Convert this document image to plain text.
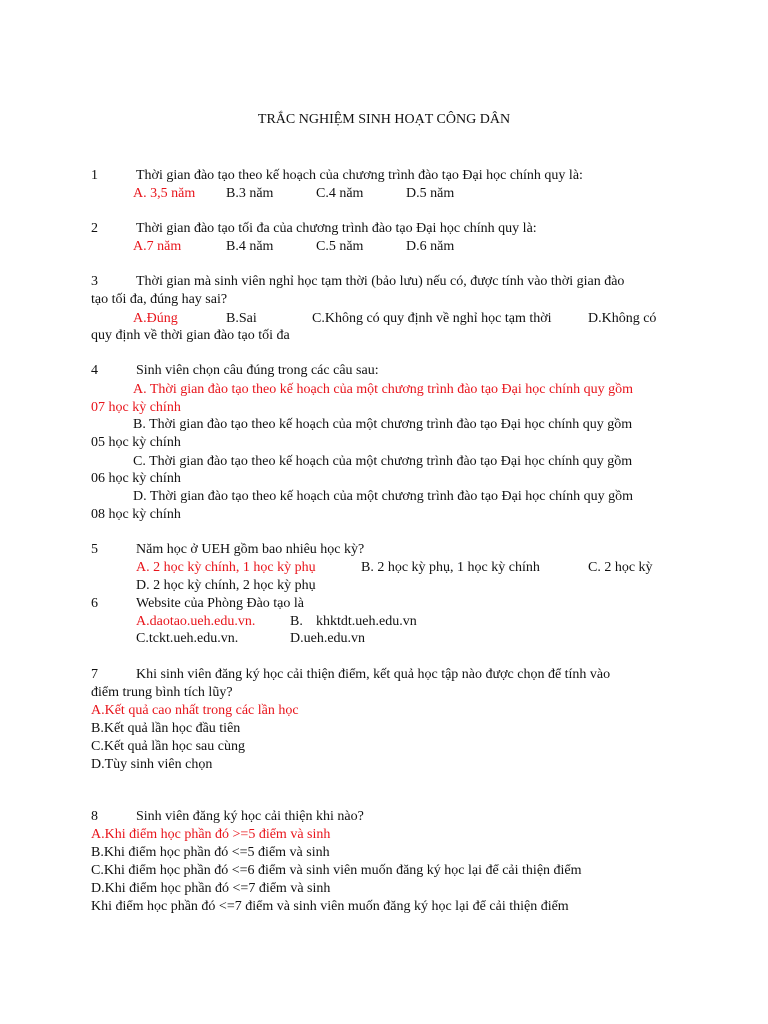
TRẮC NGHIỆM SINH HOẠT CÔNG DÂN
1	Thời gian đào tạo theo kế hoạch của chương trình đào tạo Đại học chính quy là:
A. 3,5 năm B.3 năm	C.4 năm	D.5 năm
2	Thời gian đào tạo tối đa của chương trình đào tạo Đại học chính quy là:
A.7 năm	B.4 năm	C.5 năm	D.6 năm
3	Thời gian mà sinh viên nghỉ học tạm thời (bảo lưu) nếu có, được tính vào thời gian đào
tạo tối đa, đúng hay sai?
A.Đúng	B.Sai	C.Không có quy định về nghỉ học tạm thời	D.Không có
quy định về thời gian đào tạo tối đa
4	Sinh viên chọn câu đúng trong các câu sau:
A. Thời gian đào tạo theo kế hoạch của một chương trình đào tạo Đại học chính quy gồm
07 học kỳ chính
B. Thời gian đào tạo theo kế hoạch của một chương trình đào tạo Đại học chính quy gồm
05 học kỳ chính
C. Thời gian đào tạo theo kế hoạch của một chương trình đào tạo Đại học chính quy gồm
06 học kỳ chính
D. Thời gian đào tạo theo kế hoạch của một chương trình đào tạo Đại học chính quy gồm
08 học kỳ chính
5	Năm học ở UEH gồm bao nhiêu học kỳ?
A. 2 học kỳ chính, 1 học kỳ phụ	B. 2 học kỳ phụ, 1 học kỳ chính	C. 2 học kỳ
D. 2 học kỳ chính, 2 học kỳ phụ
6	Website của Phòng Đào tạo là
A.daotao.ueh.edu.vn. B. khktdt.ueh.edu.vn
C.tckt.ueh.edu.vn.	D.ueh.edu.vn
7	Khi sinh viên đăng ký học cải thiện điểm, kết quả học tập nào được chọn để tính vào
điểm trung bình tích lũy?
A.Kết quả cao nhất trong các lần học
B.Kết quả lần học đầu tiên
C.Kết quả lần học sau cùng
D.Tùy sinh viên chọn
8	Sinh viên đăng ký học cải thiện khi nào?
A.Khi điểm học phần đó >=5 điểm và sinh
B.Khi điểm học phần đó <=5 điểm và sinh
C.Khi điểm học phần đó <=6 điểm và sinh viên muốn đăng ký học lại để cải thiện điểm
D.Khi điểm học phần đó <=7 điểm và sinh
Khi điểm học phần đó <=7 điểm và sinh viên muốn đăng ký học lại để cải thiện điểm
